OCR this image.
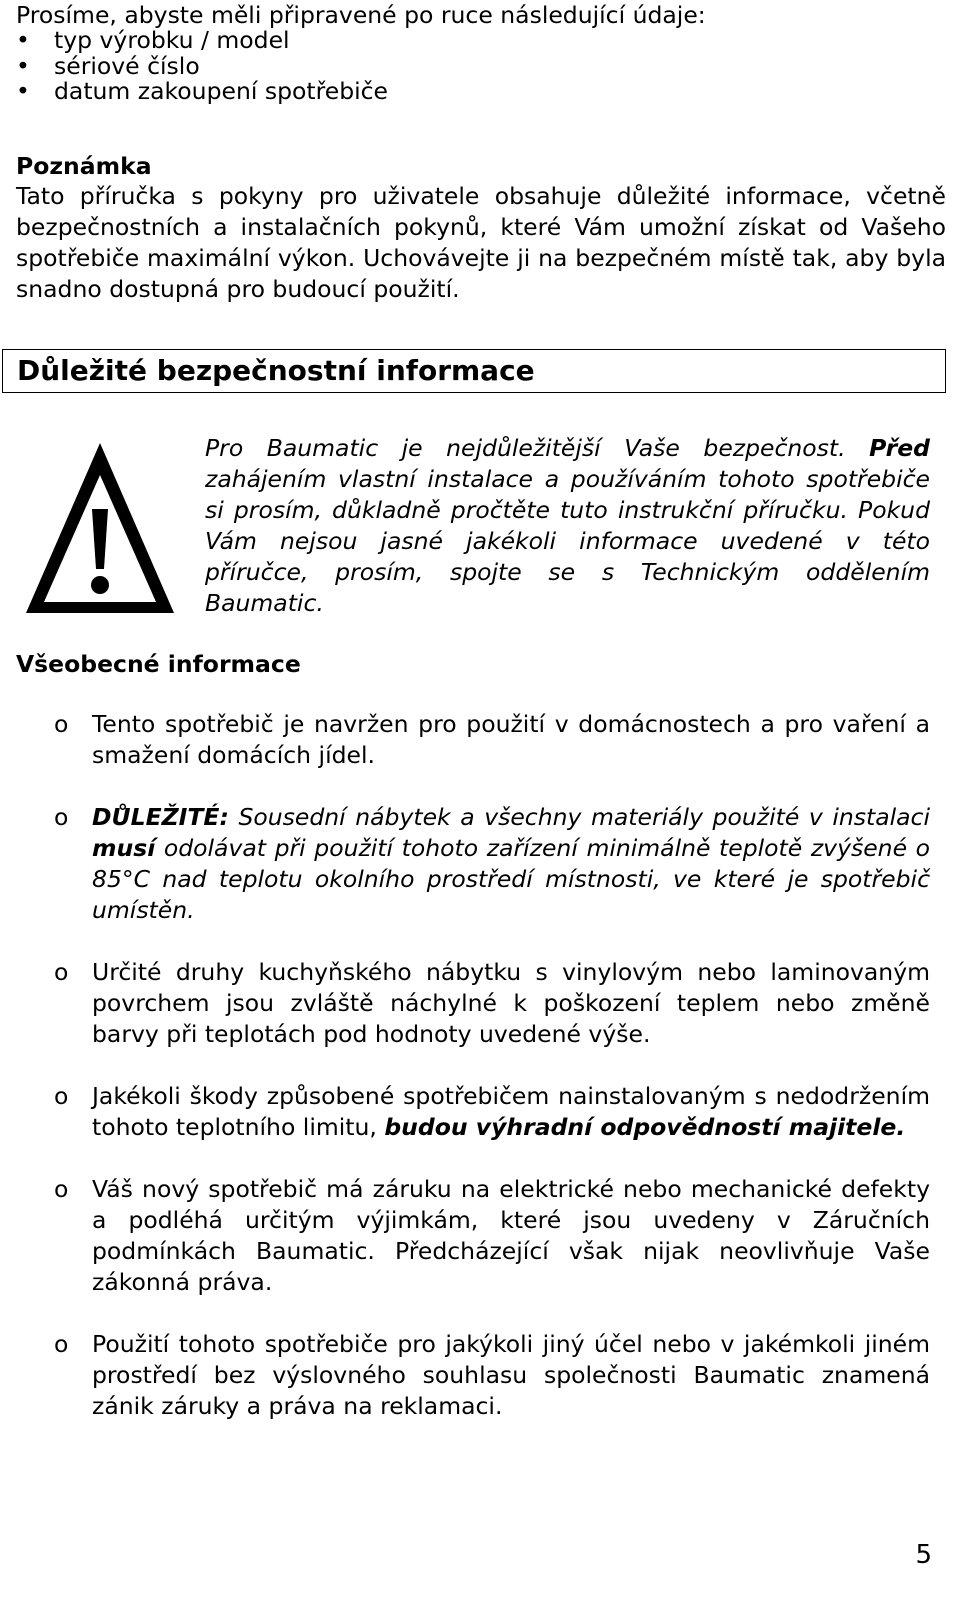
Prosíme, abyste měli připravené po ruce následující údaje:
• typ výrobku / model
• sériové číslo
• datum zakoupení spotřebiče
Poznámka
Tato příručka s pokyny pro uživatele obsahuje důležité informace, včetně bezpečnostních a instalačních pokynů, které Vám umožní získat od Vašeho spotřebiče maximální výkon. Uchovávejte ji na bezpečném místě tak, aby byla snadno dostupná pro budoucí použití.
Důležité bezpečnostní informace
Pro Baumatic je nejdůležitější Vaše bezpečnost. Před zahájením vlastní instalace a používáním tohoto spotřebiče si prosím, důkladně pročtěte tuto instrukční příručku. Pokud Vám nejsou jasné jakékoli informace uvedené v této příručce, prosím, spojte se s Technickým oddělením Baumatic.
Všeobecné informace
o Tento spotřebič je navržen pro použití v domácnostech a pro vaření a smažení domácích jídel.
o DŮLEŽITÉ: Sousední nábytek a všechny materiály použité v instalaci musí odolávat při použití tohoto zařízení minimálně teplotě zvýšené o 85°C nad teplotu okolního prostředí místnosti, ve které je spotřebič umístěn.
o Určité druhy kuchyňského nábytku s vinylovým nebo laminovaným povrchem jsou zvláště náchylné k poškození teplem nebo změně barvy při teplotách pod hodnoty uvedené výše.
o Jakékoli škody způsobené spotřebičem nainstalovaným s nedodržením tohoto teplotního limitu, budou výhradní odpovědností majitele.
o Váš nový spotřebič má záruku na elektrické nebo mechanické defekty a podléhá určitým výjimkám, které jsou uvedeny v Záručních podmínkách Baumatic. Předcházející však nijak neovlivňuje Vaše zákonná práva.
o Použití tohoto spotřebiče pro jakýkoli jiný účel nebo v jakémkoli jiném prostředí bez výslovného souhlasu společnosti Baumatic znamená zánik záruky a práva na reklamaci.
5
